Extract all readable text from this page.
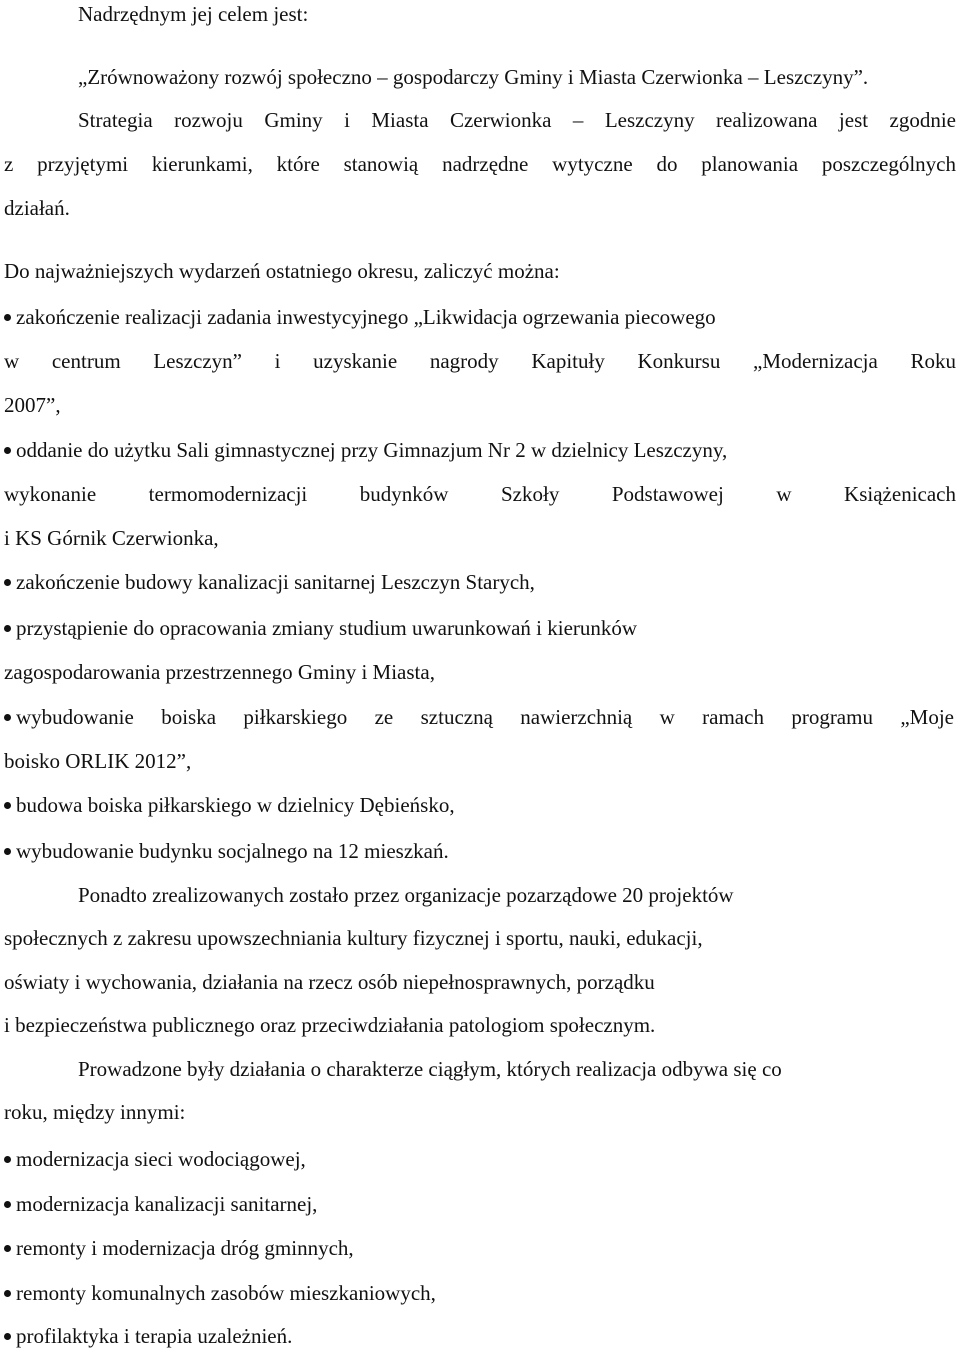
Nadrzędnym jej celem jest:

„Zrównoważony rozwój społeczno – gospodarczy Gminy i Miasta Czerwionka – Leszczyny”.

Strategia rozwoju Gminy i Miasta Czerwionka – Leszczyny realizowana jest zgodnie

z przyjętymi kierunkami, które stanowią nadrzędne wytyczne do planowania poszczególnych

działań.

Do najważniejszych wydarzeń ostatniego okresu, zaliczyć można:

zakończenie realizacji zadania inwestycyjnego „Likwidacja ogrzewania piecowego

w centrum Leszczyn” i uzyskanie nagrody Kapituły Konkursu „Modernizacja Roku

2007”,

oddanie do użytku Sali gimnastycznej przy Gimnazjum Nr 2 w dzielnicy Leszczyny,

wykonanie termomodernizacji budynków Szkoły Podstawowej w Książenicach

i KS Górnik Czerwionka,

zakończenie budowy kanalizacji sanitarnej Leszczyn Starych,

przystąpienie do opracowania zmiany studium uwarunkowań i kierunków

zagospodarowania przestrzennego Gminy i Miasta,

wybudowanie boiska piłkarskiego ze sztuczną nawierzchnią w ramach programu „Moje

boisko ORLIK 2012”,

budowa boiska piłkarskiego w dzielnicy Dębieńsko,

wybudowanie budynku socjalnego na 12 mieszkań.

Ponadto zrealizowanych zostało przez organizacje pozarządowe 20 projektów

społecznych z zakresu upowszechniania kultury fizycznej i sportu, nauki, edukacji,

oświaty i wychowania, działania na rzecz osób niepełnosprawnych, porządku

i bezpieczeństwa publicznego oraz przeciwdziałania patologiom społecznym.

Prowadzone były działania o charakterze ciągłym, których realizacja odbywa się co

roku, między innymi:

modernizacja sieci wodociągowej,

modernizacja kanalizacji sanitarnej,

remonty i modernizacja dróg gminnych,

remonty komunalnych zasobów mieszkaniowych,

profilaktyka i terapia uzależnień.
